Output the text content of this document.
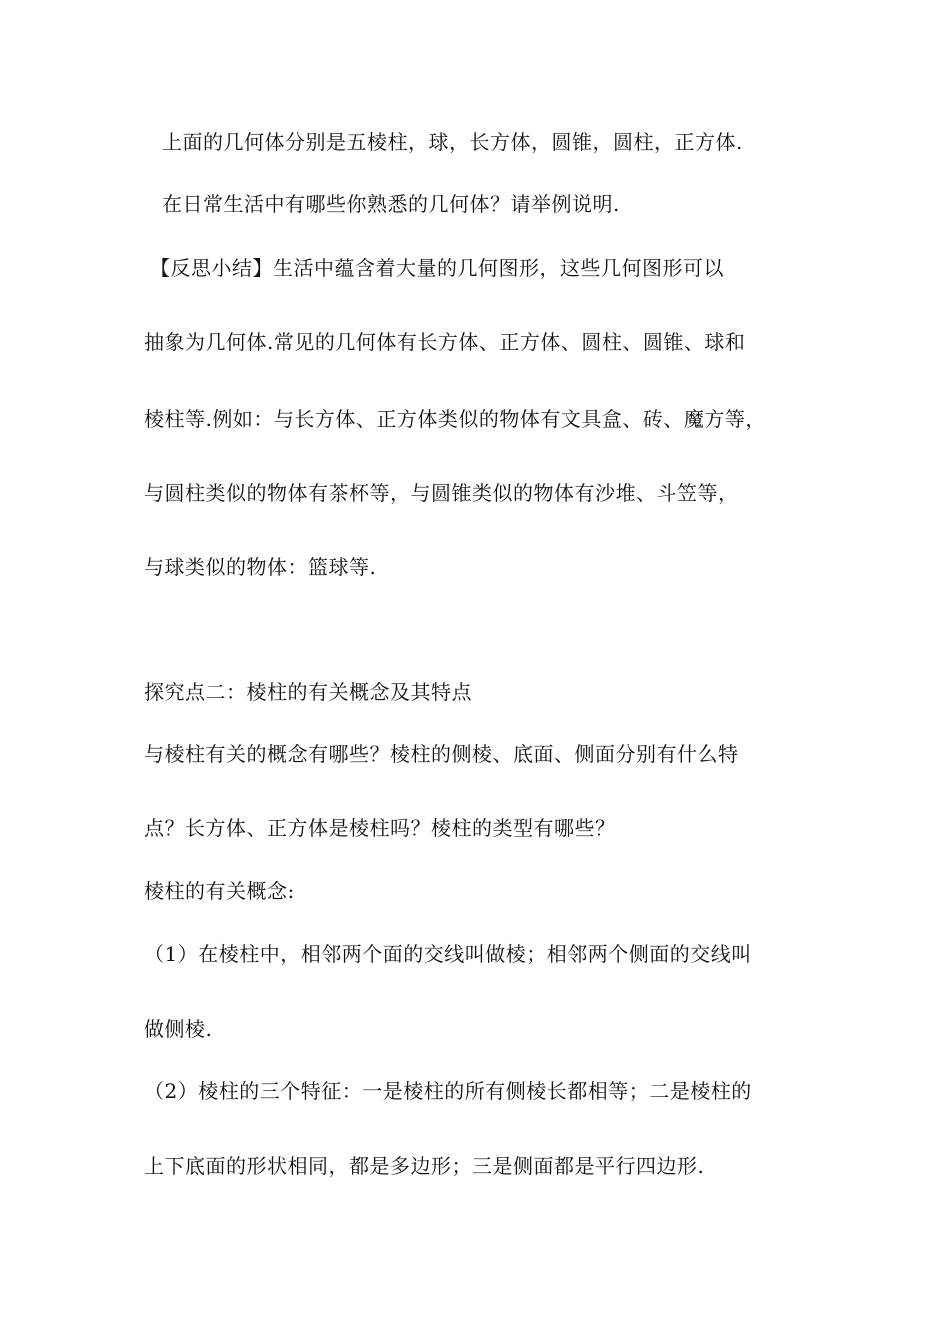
上面的几何体分别是五棱柱，球，长方体，圆锥，圆柱，正方体.
在日常生活中有哪些你熟悉的几何体？请举例说明.
【反思小结】生活中蕴含着大量的几何图形，这些几何图形可以
抽象为几何体.常见的几何体有长方体、正方体、圆柱、圆锥、球和
棱柱等.例如：与长方体、正方体类似的物体有文具盒、砖、魔方等，
与圆柱类似的物体有茶杯等，与圆锥类似的物体有沙堆、斗笠等，
与球类似的物体：篮球等.
探究点二：棱柱的有关概念及其特点
与棱柱有关的概念有哪些？棱柱的侧棱、底面、侧面分别有什么特
点？长方体、正方体是棱柱吗？棱柱的类型有哪些？
棱柱的有关概念:
（1）在棱柱中，相邻两个面的交线叫做棱；相邻两个侧面的交线叫
做侧棱.
（2）棱柱的三个特征：一是棱柱的所有侧棱长都相等；二是棱柱的
上下底面的形状相同，都是多边形；三是侧面都是平行四边形.
